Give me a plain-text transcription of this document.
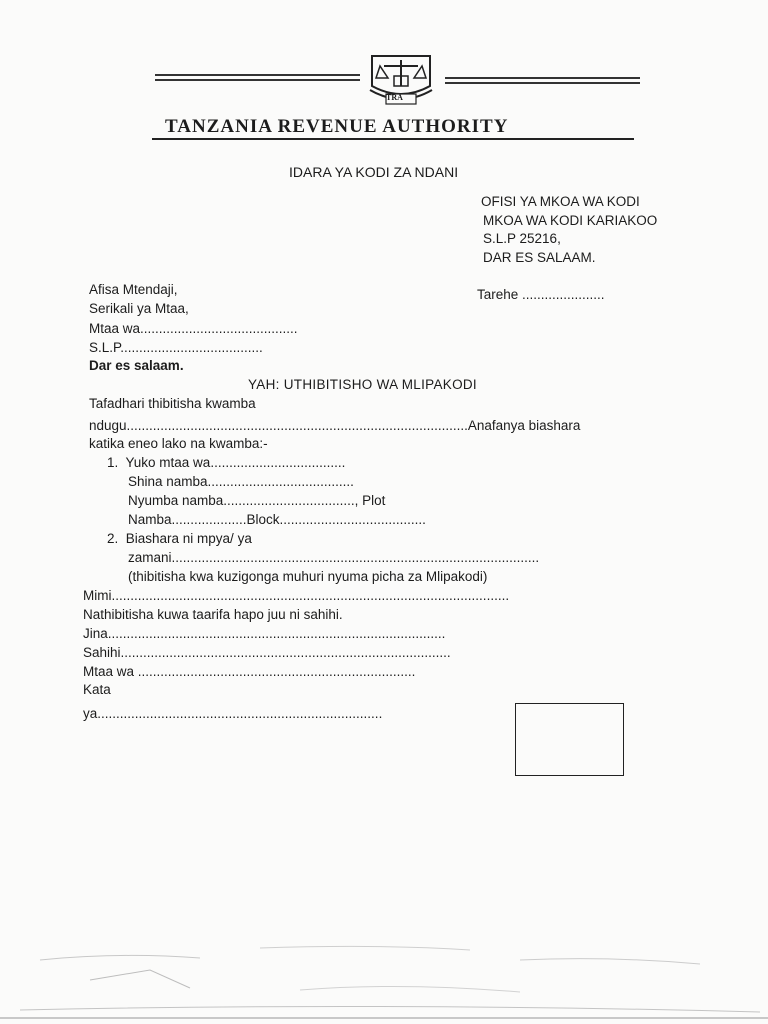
TRA
TANZANIA REVENUE AUTHORITY
IDARA YA KODI ZA NDANI
OFISI YA MKOA WA KODI
MKOA WA KODI KARIAKOO
S.L.P 25216,
DAR ES SALAAM.
Tarehe ......................
Afisa Mtendaji,
Serikali ya Mtaa,
Mtaa wa..........................................
S.L.P......................................
Dar es salaam.
YAH: UTHIBITISHO WA MLIPAKODI
Tafadhari thibitisha kwamba
ndugu...........................................................................................Anafanya biashara
katika eneo lako na kwamba:-
1.  Yuko mtaa wa....................................
Shina namba.......................................
Nyumba namba..................................., Plot
Namba....................Block.......................................
2.  Biashara ni mpya/ ya
zamani..................................................................................................
(thibitisha kwa kuzigonga muhuri nyuma picha za Mlipakodi)
Mimi..........................................................................................................
Nathibitisha kuwa taarifa hapo juu ni sahihi.
Jina..........................................................................................
Sahihi........................................................................................
Mtaa wa ..........................................................................
Kata
ya............................................................................
